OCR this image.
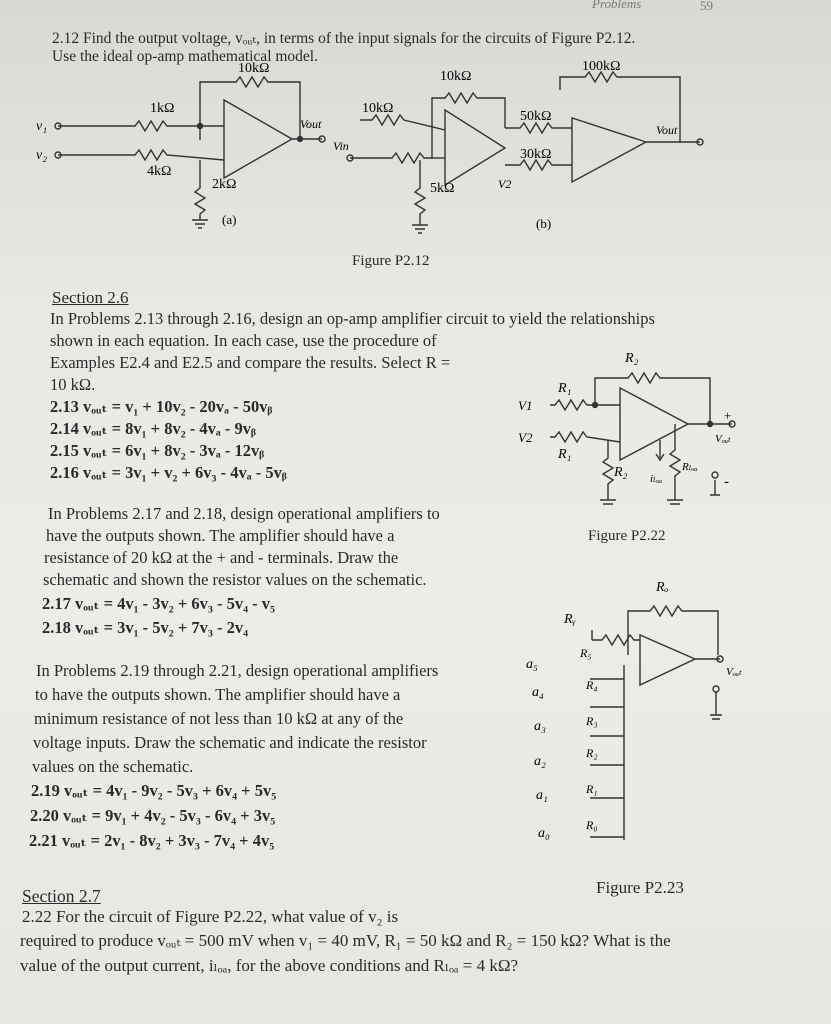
Problems	59
2.12 Find the output voltage, vₒᵤₜ, in terms of the input signals for the circuits of Figure P2.12.
Use the ideal op-amp mathematical model.
10kΩ
1kΩ
4kΩ
2kΩ
v₁
v₂
Vout
(a)
10kΩ
10kΩ
Vin
5kΩ	V2
50kΩ
30kΩ
100kΩ
Vout
(b)
Figure P2.12
Section 2.6
In Problems 2.13 through 2.16, design an op-amp amplifier circuit to yield the relationships
shown in each equation. In each case, use the procedure of
Examples E2.4 and E2.5 and compare the results. Select R =
10 kΩ.
2.13 vₒᵤₜ = v₁ + 10v₂ - 20vₐ - 50vᵦ
2.14 vₒᵤₜ = 8v₁ + 8v₂ - 4vₐ - 9vᵦ
2.15 vₒᵤₜ = 6v₁ + 8v₂ - 3vₐ - 12vᵦ
2.16 vₒᵤₜ = 3v₁ + v₂ + 6v₃ - 4vₐ - 5vᵦ
In Problems 2.17 and 2.18, design operational amplifiers to
have the outputs shown. The amplifier should have a
resistance of 20 kΩ at the + and - terminals. Draw the
schematic and shown the resistor values on the schematic.
2.17 vₒᵤₜ = 4v₁ - 3v₂ + 6v₃ - 5v₄ - v₅
2.18 vₒᵤₜ = 3v₁ - 5v₂ + 7v₃ - 2v₄
In Problems 2.19 through 2.21, design operational amplifiers
to have the outputs shown. The amplifier should have a
minimum resistance of not less than 10 kΩ at any of the
voltage inputs. Draw the schematic and indicate the resistor
values on the schematic.
2.19 vₒᵤₜ = 4v₁ - 9v₂ - 5v₃ + 6v₄ + 5v₅
2.20 vₒᵤₜ = 9v₁ + 4v₂ - 5v₃ - 6v₄ + 3v₅
2.21 vₒᵤₜ = 2v₁ - 8v₂ + 3v₃ - 7v₄ + 4v₅
R₂
R₁
R₁
R₂
V1
V2
iₗₒₐ⁤
Rₗₒₐ⁤
Vₒᵤₜ
+
-
Figure P2.22
Rₒ
Rᵧ
a₅
a₄
a₃
a₂
a₁
a₀
R₅
R₄
R₃
R₂
R₁
R₀
Vₒᵤₜ
Figure P2.23
Section 2.7
2.22 For the circuit of Figure P2.22, what value of v₂ is
required to produce vₒᵤₜ = 500 mV when v₁ = 40 mV, R₁ = 50 kΩ and R₂ = 150 kΩ? What is the
value of the output current, iₗₒₐ⁤, for the above conditions and Rₗₒₐ⁤ = 4 kΩ?
